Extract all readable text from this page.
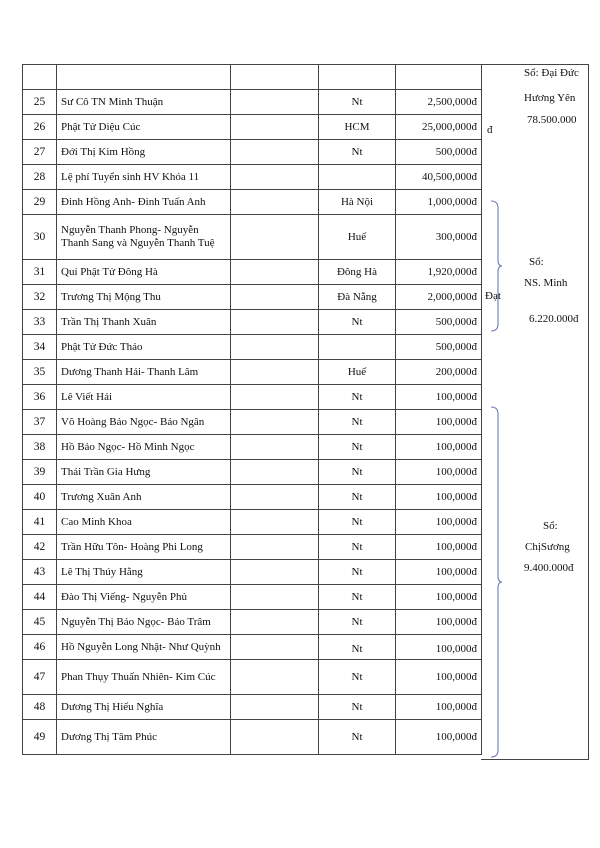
25	Sư Cô TN Minh Thuận		Nt	2,500,000đ
26	Phật Tử Diệu Cúc		HCM	25,000,000đ
27	Đới Thị Kim Hồng		Nt	500,000đ
28	Lệ phí Tuyển sinh HV Khóa 11			40,500,000đ
29	Đinh Hồng Anh- Đinh Tuấn Anh		Hà Nội	1,000,000đ
30	Nguyễn Thanh Phong- Nguyễn Thanh Sang và Nguyễn Thanh Tuệ		Huế	300,000đ
31	Quí Phật Tử Đông Hà		Đông Hà	1,920,000đ
32	Trương Thị Mộng Thu		Đà Nẵng	2,000,000đ
33	Trần Thị Thanh Xuân		Nt	500,000đ
34	Phật Tử Đức Thảo			500,000đ
35	Dương Thanh Hải- Thanh Lâm		Huế	200,000đ
36	Lê Viết Hải		Nt	100,000đ
37	Võ Hoàng Bảo Ngọc- Bảo Ngân		Nt	100,000đ
38	Hồ Bảo Ngọc- Hồ Minh Ngọc		Nt	100,000đ
39	Thái Trần Gia Hưng		Nt	100,000đ
40	Trương Xuân Anh		Nt	100,000đ
41	Cao Minh Khoa		Nt	100,000đ
42	Trần Hữu Tôn- Hoàng Phi Long		Nt	100,000đ
43	Lê Thị Thúy Hằng		Nt	100,000đ
44	Đào Thị Viếng- Nguyễn Phủ		Nt	100,000đ
45	Nguyễn Thị Bảo Ngọc- Bảo Trâm		Nt	100,000đ
46	Hồ Nguyễn Long Nhật- Như Quỳnh		Nt	100,000đ
47	Phan Thụy Thuấn Nhiên- Kim Cúc		Nt	100,000đ
48	Dương Thị Hiếu Nghĩa		Nt	100,000đ
49	Dương Thị Tâm Phúc		Nt	100,000đ
Sổ: Đại Đức
Hương Yên
78.500.000
Sổ:
NS. Minh
6.220.000đ
Sổ:
ChịSương
9.400.000đ
đ
Đạt
